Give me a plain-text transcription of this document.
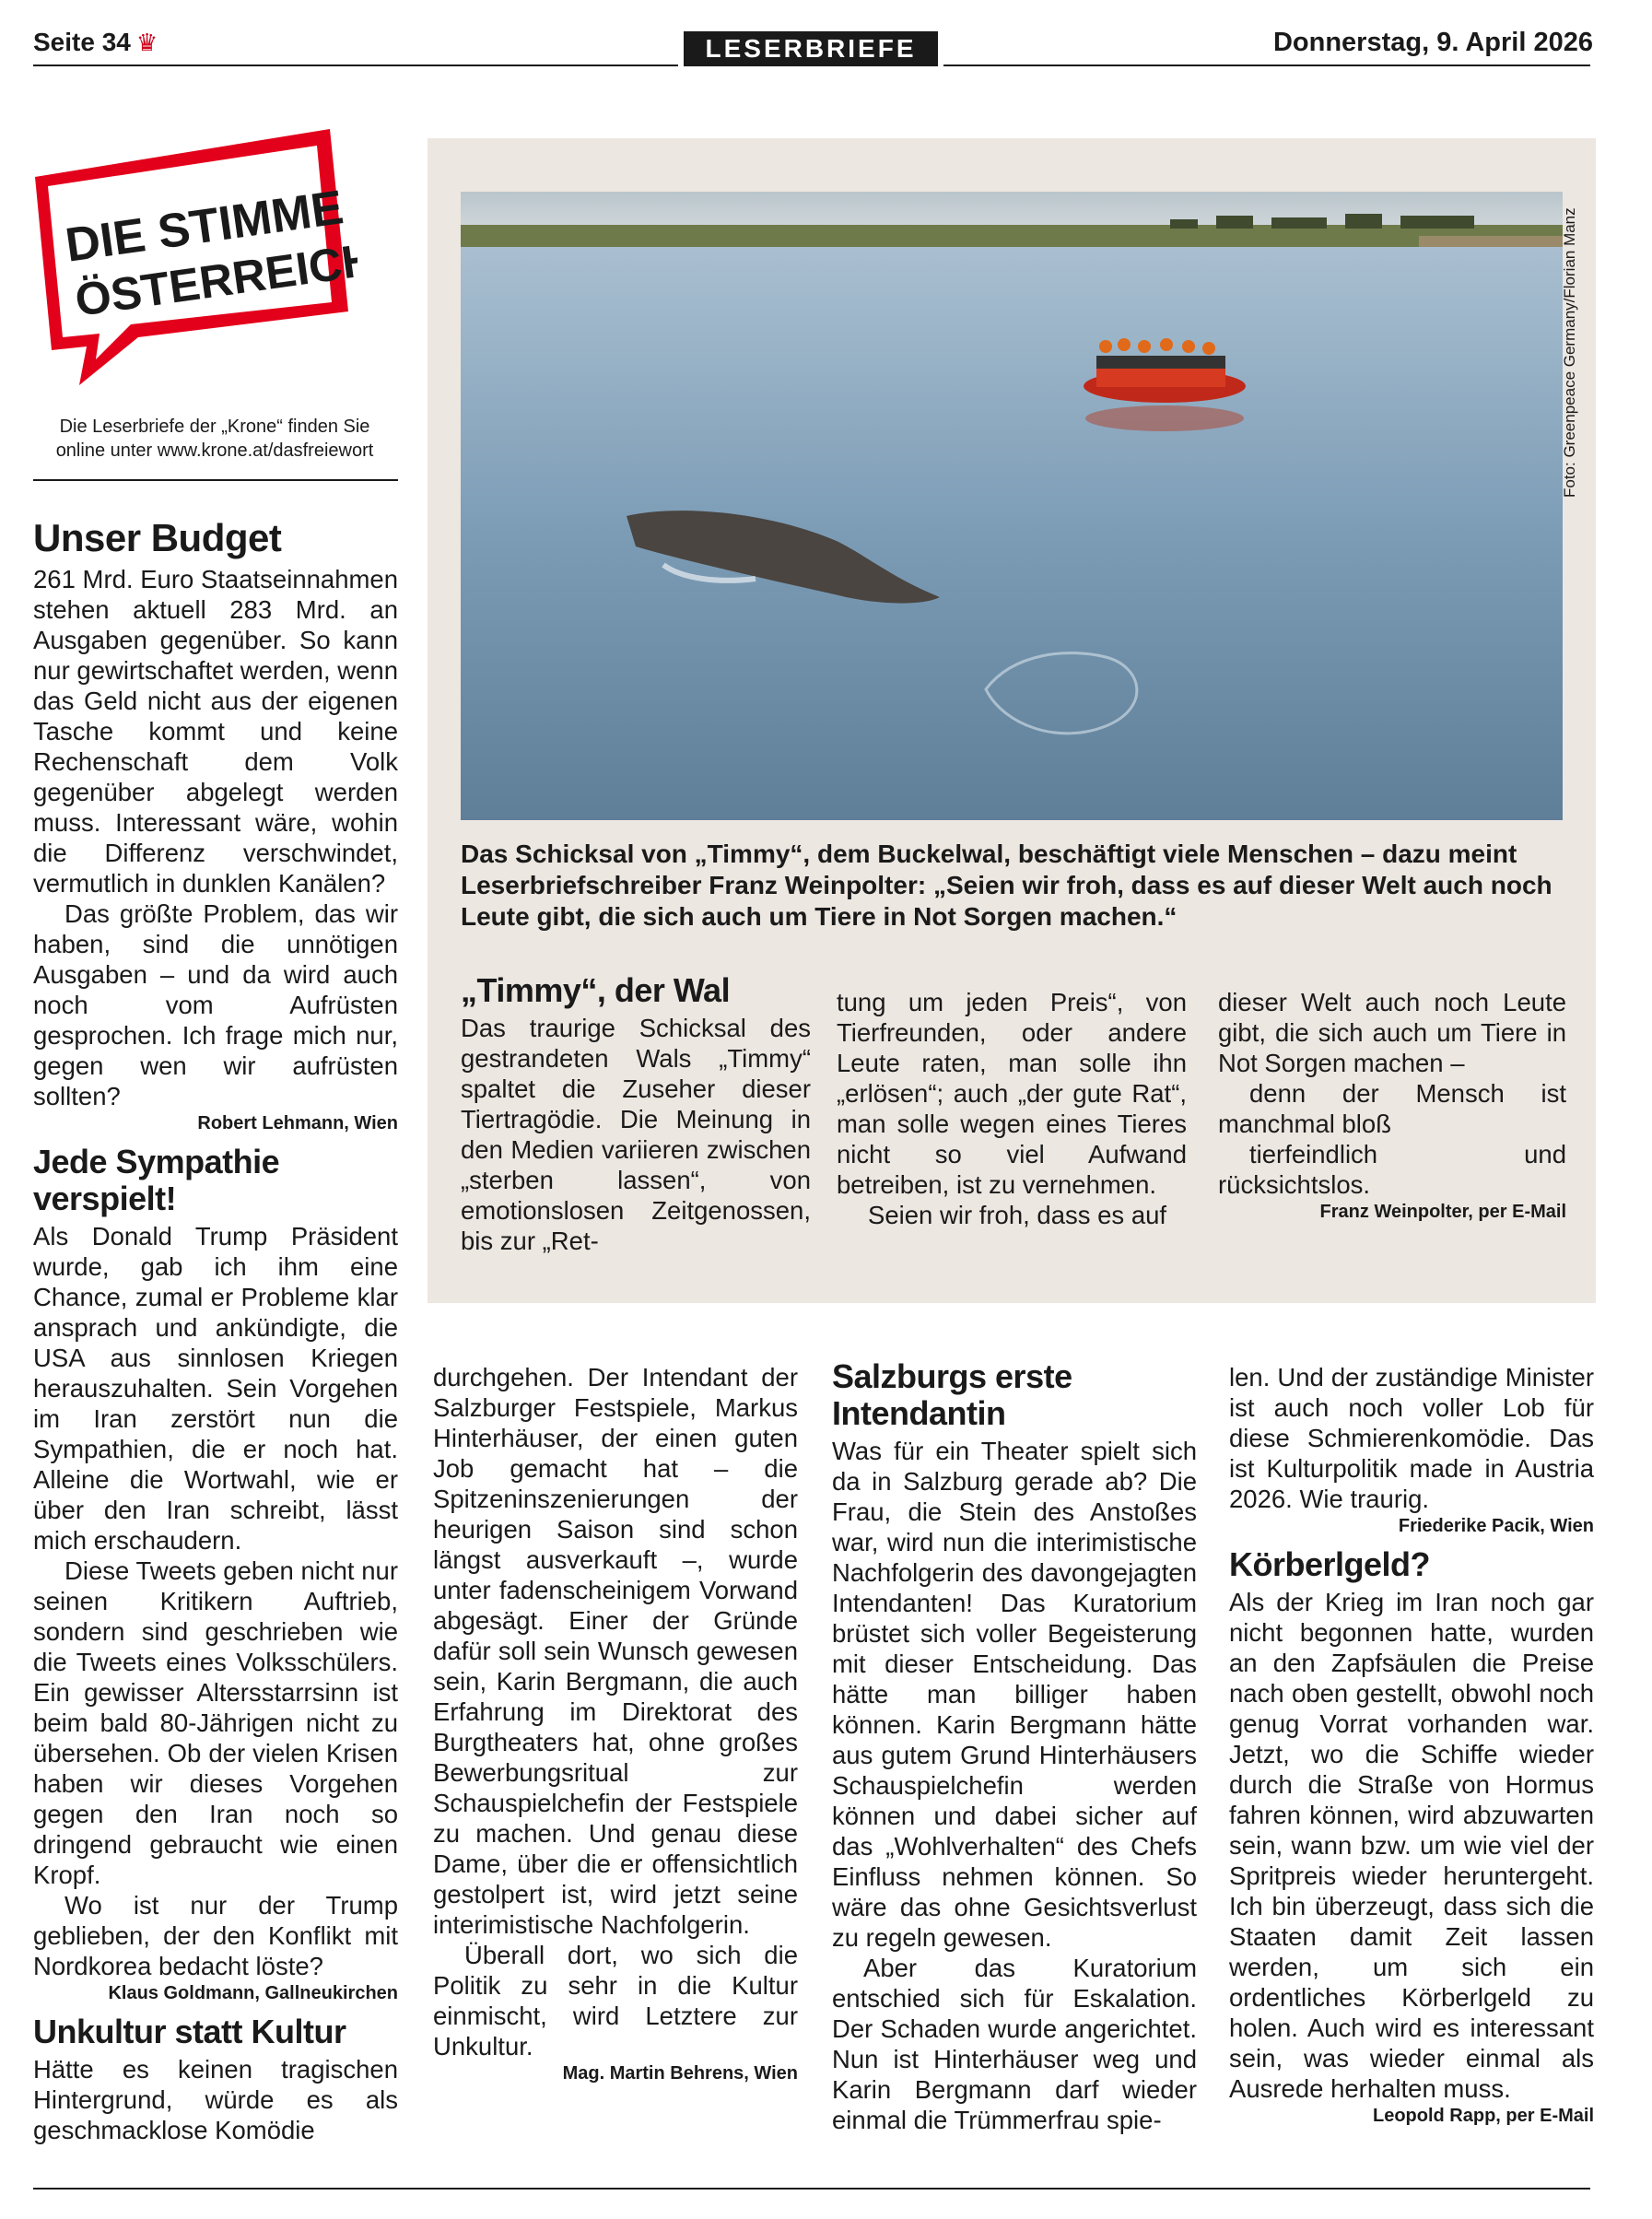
Seite 34 ♛	LESERBRIEFE	Donnerstag, 9. April 2026
DIE STIMME
ÖSTERREICHS
Die Leserbriefe der „Krone“ finden Sie
online unter www.krone.at/dasfreiewort
Unser Budget

261 Mrd. Euro Staatseinnahmen stehen aktuell 283 Mrd. an Ausgaben gegenüber. So kann nur gewirtschaftet werden, wenn das Geld nicht aus der eigenen Tasche kommt und keine Rechenschaft dem Volk gegenüber abgelegt werden muss. Interessant wäre, wohin die Differenz verschwindet, vermutlich in dunklen Kanälen?

Das größte Problem, das wir haben, sind die unnötigen Ausgaben – und da wird auch noch vom Aufrüsten gesprochen. Ich frage mich nur, gegen wen wir aufrüsten sollten?

Robert Lehmann, Wien
Jede Sympathie
verspielt!

Als Donald Trump Präsident wurde, gab ich ihm eine Chance, zumal er Probleme klar ansprach und ankündigte, die USA aus sinnlosen Kriegen herauszuhalten. Sein Vorgehen im Iran zerstört nun die Sympathien, die er noch hat. Alleine die Wortwahl, wie er über den Iran schreibt, lässt mich erschaudern.

Diese Tweets geben nicht nur seinen Kritikern Auftrieb, sondern sind geschrieben wie die Tweets eines Volksschülers. Ein gewisser Altersstarrsinn ist beim bald 80-Jährigen nicht zu übersehen. Ob der vielen Krisen haben wir dieses Vorgehen gegen den Iran noch so dringend gebraucht wie einen Kropf.

Wo ist nur der Trump geblieben, der den Konflikt mit Nordkorea bedacht löste?

Klaus Goldmann, Gallneukirchen
Unkultur statt Kultur

Hätte es keinen tragischen Hintergrund, würde es als geschmacklose Komödie

Foto: Greenpeace Germany/Florian Manz
Das Schicksal von „Timmy“, dem Buckelwal, beschäftigt viele Menschen – dazu meint Leserbriefschreiber Franz Weinpolter: „Seien wir froh, dass es auf dieser Welt auch noch Leute gibt, die sich auch um Tiere in Not Sorgen machen.“
„Timmy“, der Wal

Das traurige Schicksal des gestrandeten Wals „Timmy“ spaltet die Zuseher dieser Tiertragödie. Die Meinung in den Medien variieren zwischen „sterben lassen“, von emotionslosen Zeitgenossen, bis zur „Ret-

tung um jeden Preis“, von Tierfreunden, oder andere Leute raten, man solle ihn „erlösen“; auch „der gute Rat“, man solle wegen eines Tieres nicht so viel Aufwand betreiben, ist zu vernehmen.

Seien wir froh, dass es auf

dieser Welt auch noch Leute gibt, die sich auch um Tiere in Not Sorgen machen –

denn der Mensch ist manchmal bloß

tierfeindlich und rücksichtslos.

Franz Weinpolter, per E-Mail

durchgehen. Der Intendant der Salzburger Festspiele, Markus Hinterhäuser, der einen guten Job gemacht hat – die Spitzeninszenierungen der heurigen Saison sind schon längst ausverkauft –, wurde unter fadenscheinigem Vorwand abgesägt. Einer der Gründe dafür soll sein Wunsch gewesen sein, Karin Bergmann, die auch Erfahrung im Direktorat des Burgtheaters hat, ohne großes Bewerbungsritual zur Schauspielchefin der Festspiele zu machen. Und genau diese Dame, über die er offensichtlich gestolpert ist, wird jetzt seine interimistische Nachfolgerin.

Überall dort, wo sich die Politik zu sehr in die Kultur einmischt, wird Letztere zur Unkultur.

Mag. Martin Behrens, Wien
Salzburgs erste
Intendantin

Was für ein Theater spielt sich da in Salzburg gerade ab? Die Frau, die Stein des Anstoßes war, wird nun die interimistische Nachfolgerin des davongejagten Intendanten! Das Kuratorium brüstet sich voller Begeisterung mit dieser Entscheidung. Das hätte man billiger haben können. Karin Bergmann hätte aus gutem Grund Hinterhäusers Schauspielchefin werden können und dabei sicher auf das „Wohlverhalten“ des Chefs Einfluss nehmen können. So wäre das ohne Gesichtsverlust zu regeln gewesen.

Aber das Kuratorium entschied sich für Eskalation. Der Schaden wurde angerichtet. Nun ist Hinterhäuser weg und Karin Bergmann darf wieder einmal die Trümmerfrau spie-

len. Und der zuständige Minister ist auch noch voller Lob für diese Schmierenkomödie. Das ist Kulturpolitik made in Austria 2026. Wie traurig.

Friederike Pacik, Wien
Körberlgeld?

Als der Krieg im Iran noch gar nicht begonnen hatte, wurden an den Zapfsäulen die Preise nach oben gestellt, obwohl noch genug Vorrat vorhanden war. Jetzt, wo die Schiffe wieder durch die Straße von Hormus fahren können, wird abzuwarten sein, wann bzw. um wie viel der Spritpreis wieder heruntergeht. Ich bin überzeugt, dass sich die Staaten damit Zeit lassen werden, um sich ein ordentliches Körberlgeld zu holen. Auch wird es interessant sein, was wieder einmal als Ausrede herhalten muss.

Leopold Rapp, per E-Mail
